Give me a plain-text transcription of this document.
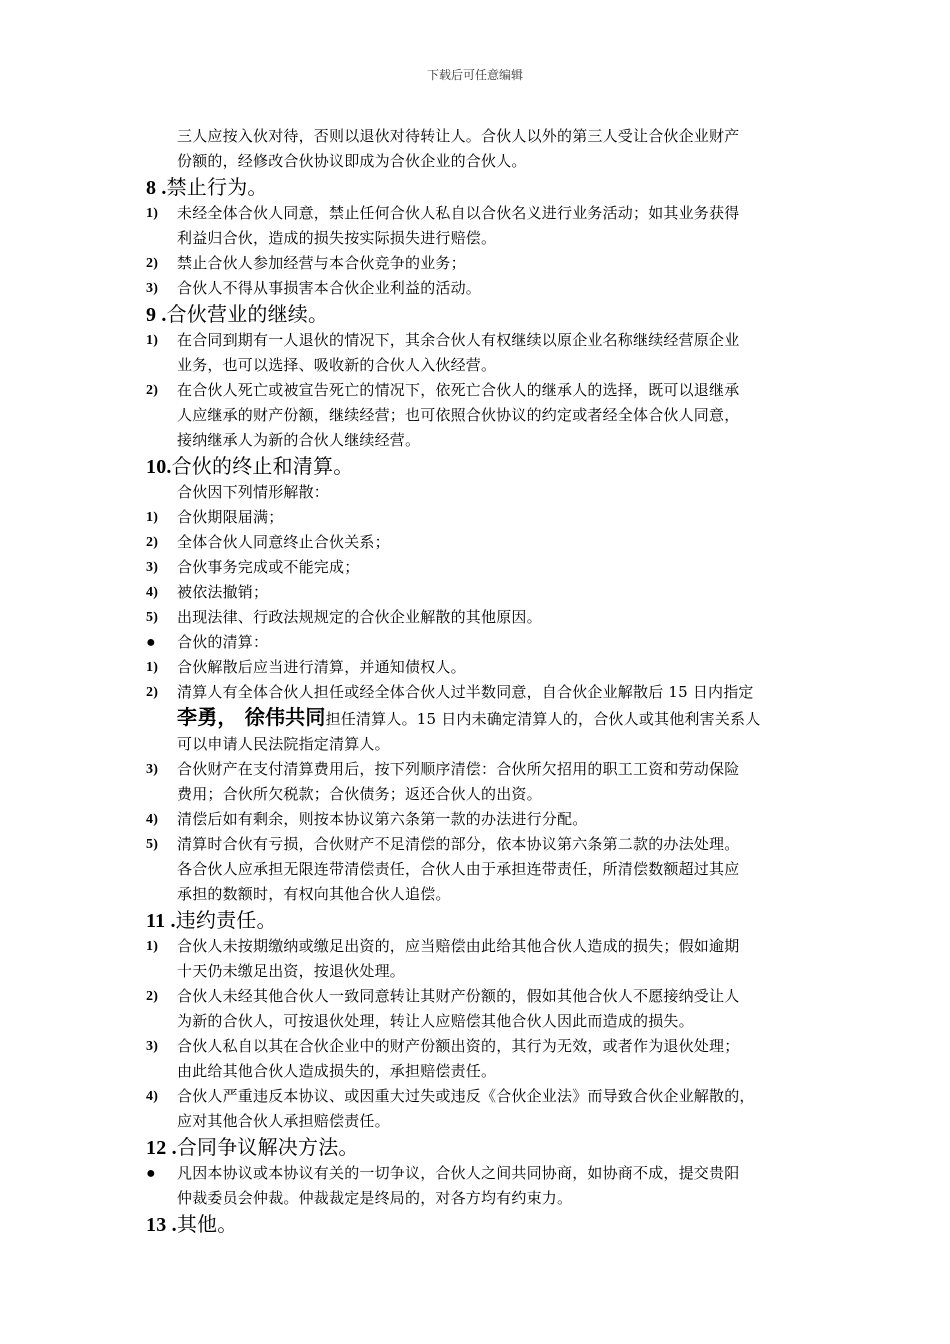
下载后可任意编辑
三人应按入伙对待，否则以退伙对待转让人。合伙人以外的第三人受让合伙企业财产
份额的，经修改合伙协议即成为合伙企业的合伙人。
8 .禁止行为。
1) 未经全体合伙人同意，禁止任何合伙人私自以合伙名义进行业务活动；如其业务获得
利益归合伙，造成的损失按实际损失进行赔偿。
2) 禁止合伙人参加经营与本合伙竞争的业务；
3) 合伙人不得从事损害本合伙企业利益的活动。
9 .合伙营业的继续。
1) 在合同到期有一人退伙的情况下，其余合伙人有权继续以原企业名称继续经营原企业
业务，也可以选择、吸收新的合伙人入伙经营。
2) 在合伙人死亡或被宣告死亡的情况下，依死亡合伙人的继承人的选择，既可以退继承
人应继承的财产份额，继续经营；也可依照合伙协议的约定或者经全体合伙人同意，
接纳继承人为新的合伙人继续经营。
10.合伙的终止和清算。
合伙因下列情形解散：
1) 合伙期限届满；
2) 全体合伙人同意终止合伙关系；
3) 合伙事务完成或不能完成；
4) 被依法撤销；
5) 出现法律、行政法规规定的合伙企业解散的其他原因。
● 合伙的清算：
1) 合伙解散后应当进行清算，并通知债权人。
2) 清算人有全体合伙人担任或经全体合伙人过半数同意，自合伙企业解散后 15 日内指定
李勇， 徐伟共同担任清算人。15 日内未确定清算人的，合伙人或其他利害关系人
可以申请人民法院指定清算人。
3) 合伙财产在支付清算费用后，按下列顺序清偿：合伙所欠招用的职工工资和劳动保险
费用；合伙所欠税款；合伙债务；返还合伙人的出资。
4) 清偿后如有剩余，则按本协议第六条第一款的办法进行分配。
5) 清算时合伙有亏损，合伙财产不足清偿的部分，依本协议第六条第二款的办法处理。
各合伙人应承担无限连带清偿责任，合伙人由于承担连带责任，所清偿数额超过其应
承担的数额时，有权向其他合伙人追偿。
11 .违约责任。
1) 合伙人未按期缴纳或缴足出资的，应当赔偿由此给其他合伙人造成的损失；假如逾期
十天仍未缴足出资，按退伙处理。
2) 合伙人未经其他合伙人一致同意转让其财产份额的，假如其他合伙人不愿接纳受让人
为新的合伙人，可按退伙处理，转让人应赔偿其他合伙人因此而造成的损失。
3) 合伙人私自以其在合伙企业中的财产份额出资的，其行为无效，或者作为退伙处理；
由此给其他合伙人造成损失的，承担赔偿责任。
4) 合伙人严重违反本协议、或因重大过失或违反《合伙企业法》而导致合伙企业解散的，
应对其他合伙人承担赔偿责任。
12 .合同争议解决方法。
● 凡因本协议或本协议有关的一切争议，合伙人之间共同协商，如协商不成，提交贵阳
仲裁委员会仲裁。仲裁裁定是终局的，对各方均有约束力。
13 .其他。
